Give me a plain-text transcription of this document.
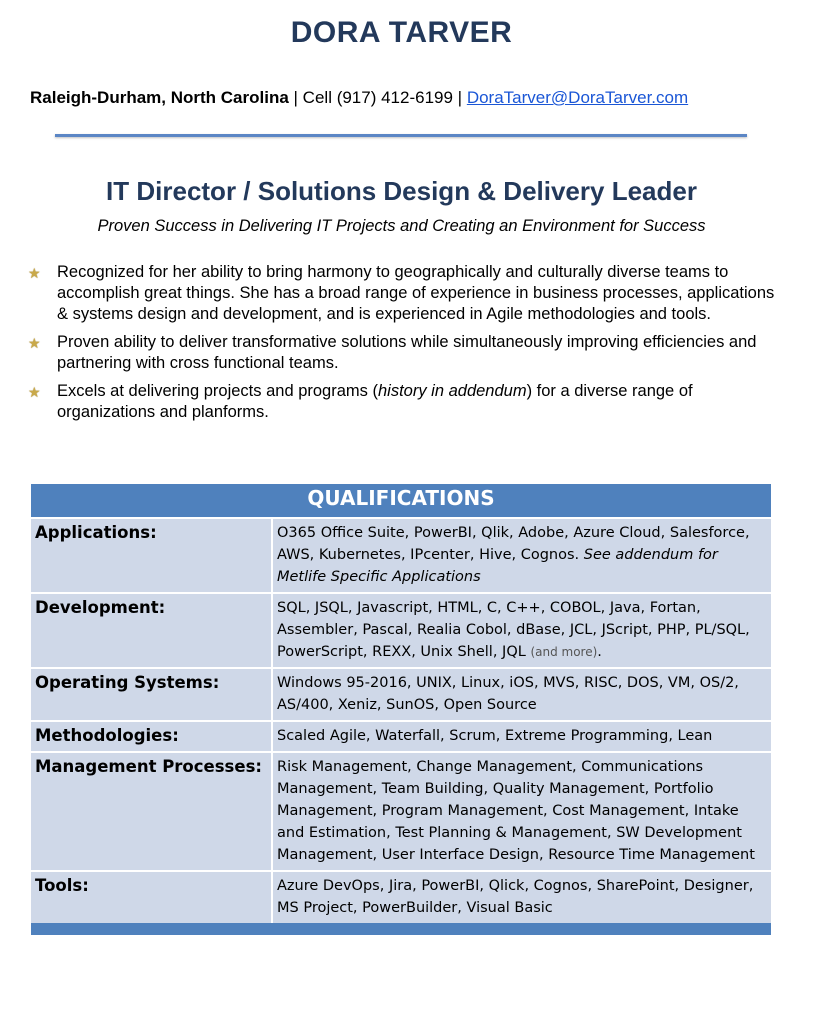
DORA TARVER
Raleigh-Durham, North Carolina | Cell (917) 412-6199 | DoraTarver@DoraTarver.com
IT Director / Solutions Design & Delivery Leader
Proven Success in Delivering IT Projects and Creating an Environment for Success
★ Recognized for her ability to bring harmony to geographically and culturally diverse teams to accomplish great things. She has a broad range of experience in business processes, applications & systems design and development, and is experienced in Agile methodologies and tools.
★ Proven ability to deliver transformative solutions while simultaneously improving efficiencies and partnering with cross functional teams.
★ Excels at delivering projects and programs (history in addendum) for a diverse range of organizations and planforms.
QUALIFICATIONS
Applications:	O365 Office Suite, PowerBI, Qlik, Adobe, Azure Cloud, Salesforce, AWS, Kubernetes, IPcenter, Hive, Cognos. See addendum for Metlife Specific Applications
Development:	SQL, JSQL, Javascript, HTML, C, C++, COBOL, Java, Fortan, Assembler, Pascal, Realia Cobol, dBase, JCL, JScript, PHP, PL/SQL, PowerScript, REXX, Unix Shell, JQL (and more).
Operating Systems:	Windows 95-2016, UNIX, Linux, iOS, MVS, RISC, DOS, VM, OS/2, AS/400, Xeniz, SunOS, Open Source
Methodologies:	Scaled Agile, Waterfall, Scrum, Extreme Programming, Lean
Management Processes:	Risk Management, Change Management, Communications Management, Team Building, Quality Management, Portfolio Management, Program Management, Cost Management, Intake and Estimation, Test Planning & Management, SW Development Management, User Interface Design, Resource Time Management
Tools:	Azure DevOps, Jira, PowerBI, Qlick, Cognos, SharePoint, Designer, MS Project, PowerBuilder, Visual Basic
